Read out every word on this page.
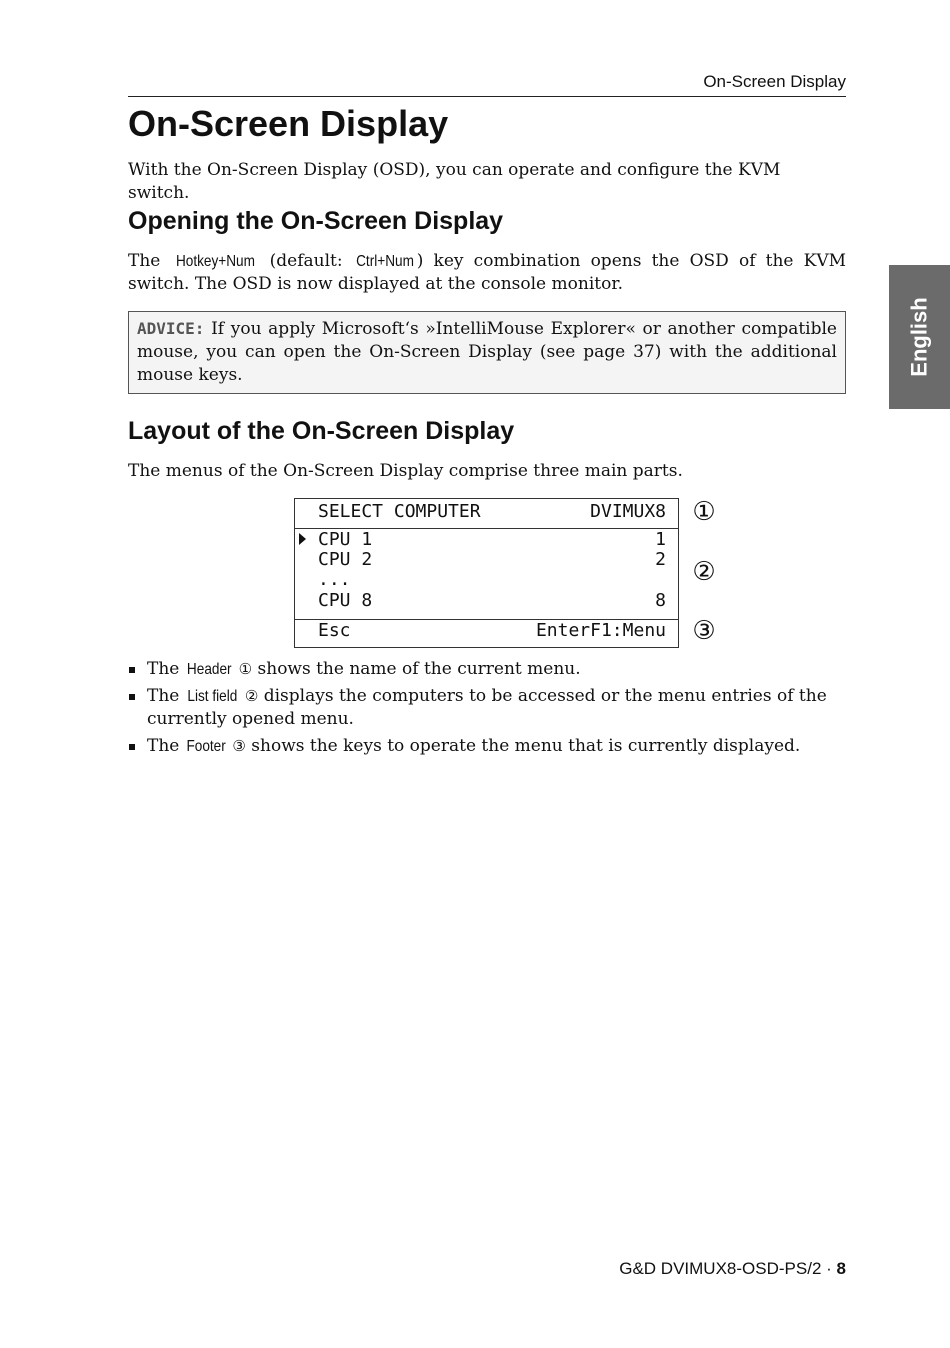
On-Screen Display
English
On-Screen Display

With the On-Screen Display (OSD), you can operate and configure the KVM switch.

Opening the On-Screen Display

The Hotkey+Num (default: Ctrl+Num ) key combination opens the OSD of the KVM switch. The OSD is now displayed at the console monitor.

ADVICE: If you apply Microsoft‘s »IntelliMouse Explorer« or another compatible mouse, you can open the On-Screen Display (see page 37) with the additional mouse keys.
Layout of the On-Screen Display

The menus of the On-Screen Display comprise three main parts.

SELECT COMPUTER	DVIMUX8
CPU 1	1
CPU 2	2
...
CPU 8	8
Esc	EnterF1:Menu
①
②
③
The Header ① shows the name of the current menu.
The List field ② displays the computers to be accessed or the menu entries of the currently opened menu.
The Footer ③ shows the keys to operate the menu that is currently displayed.
G&D DVIMUX8-OSD-PS/2 · 8
